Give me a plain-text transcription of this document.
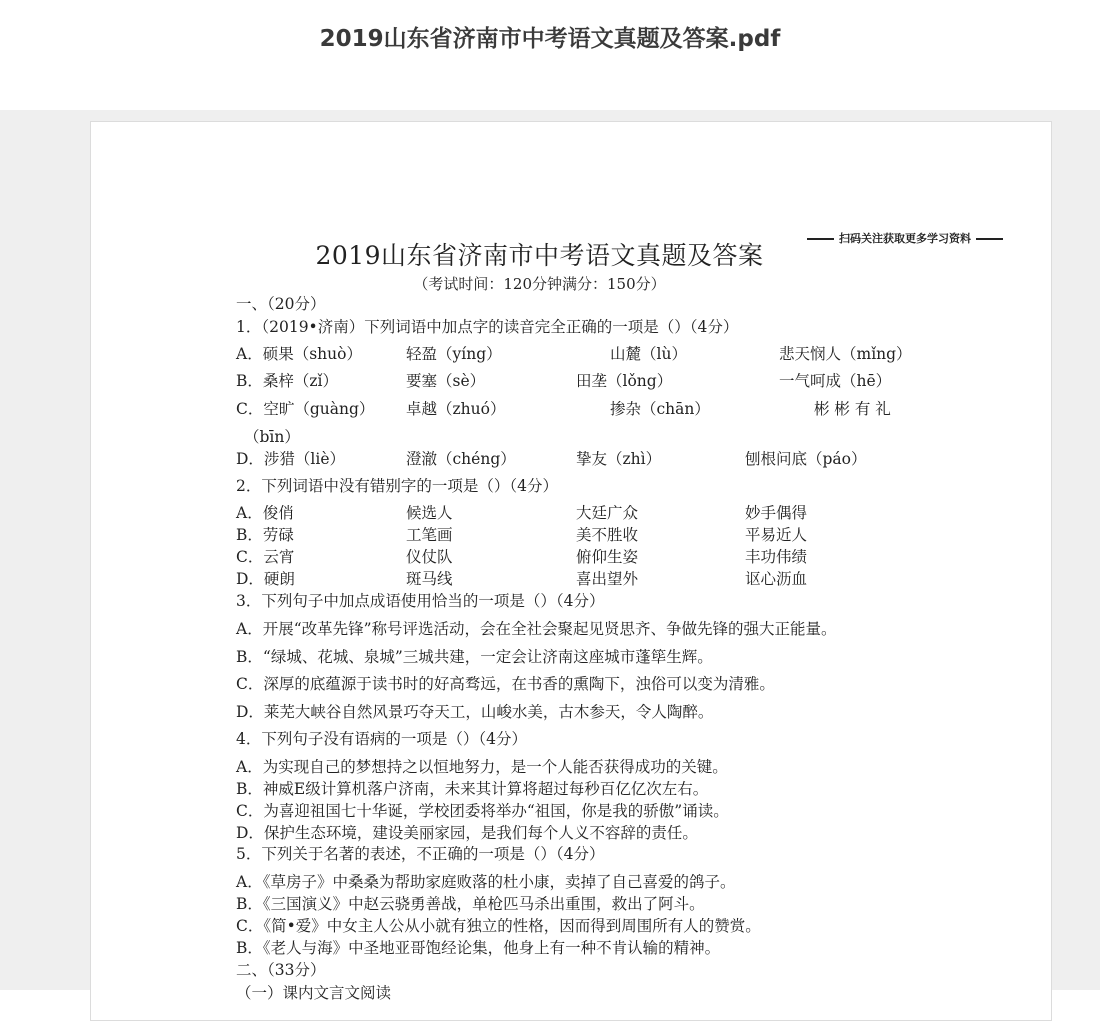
2019山东省济南市中考语文真题及答案.pdf
扫码关注获取更多学习资料
2019山东省济南市中考语文真题及答案
（考试时间：120分钟满分：150分）
一、（20分）
1．（2019•济南）下列词语中加点字的读音完全正确的一项是（）（4分）
A．硕果（shuò）	轻盈（yíng）	山麓（lù）	悲天悯人（mǐng）
B．桑梓（zǐ）	要塞（sè）	田垄（lǒng）	一气呵成（hē）
C．空旷（guàng） 卓越（zhuó）	掺杂（chān）	彬 彬 有 礼
（bīn）
D．涉猎（liè）	澄澈（chéng）	挚友（zhì）	刨根问底（páo）
2．下列词语中没有错别字的一项是（）（4分）
A．俊俏	候选人	大廷广众	妙手偶得
B．劳碌	工笔画	美不胜收	平易近人
C．云宵	仪仗队	俯仰生姿	丰功伟绩
D．硬朗	斑马线	喜出望外	讴心沥血
3．下列句子中加点成语使用恰当的一项是（）（4分）
A．开展“改革先锋”称号评选活动，会在全社会聚起见贤思齐、争做先锋的强大正能量。
B．“绿城、花城、泉城”三城共建，一定会让济南这座城市蓬筚生辉。
C．深厚的底蕴源于读书时的好高骛远，在书香的熏陶下，浊俗可以变为清雅。
D．莱芜大峡谷自然风景巧夺天工，山峻水美，古木参天，令人陶醉。
4．下列句子没有语病的一项是（）（4分）
A．为实现自己的梦想持之以恒地努力，是一个人能否获得成功的关键。
B．神威E级计算机落户济南，未来其计算将超过每秒百亿亿次左右。
C．为喜迎祖国七十华诞，学校团委将举办“祖国，你是我的骄傲”诵读。
D．保护生态环境，建设美丽家园，是我们每个人义不容辞的责任。
5．下列关于名著的表述，不正确的一项是（）（4分）
A．《草房子》中桑桑为帮助家庭败落的杜小康，卖掉了自己喜爱的鸽子。
B．《三国演义》中赵云骁勇善战，单枪匹马杀出重围，救出了阿斗。
C．《简•爱》中女主人公从小就有独立的性格，因而得到周围所有人的赞赏。
B．《老人与海》中圣地亚哥饱经论集，他身上有一种不肯认输的精神。
二、（33分）
（一）课内文言文阅读
